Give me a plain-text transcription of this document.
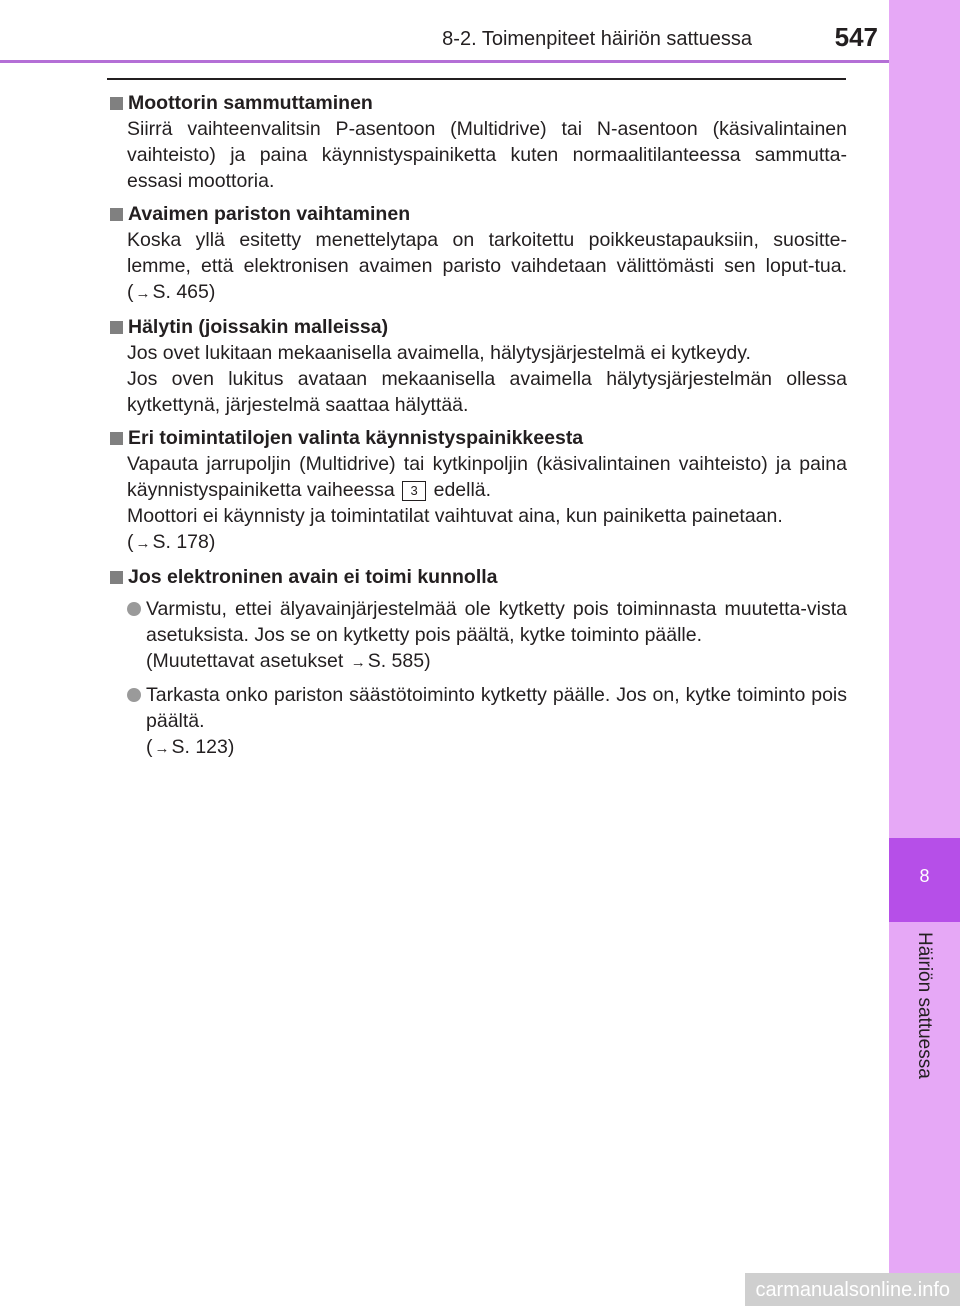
8-2. Toimenpiteet häiriön sattuessa	547
8
Häiriön sattuessa
Moottorin sammuttaminen
Siirrä vaihteenvalitsin P-asentoon (Multidrive) tai N-asentoon (käsivalintainen vaihteisto) ja paina käynnistyspainiketta kuten normaalitilanteessa sammutta-essasi moottoria.
Avaimen pariston vaihtaminen
Koska yllä esitetty menettelytapa on tarkoitettu poikkeustapauksiin, suositte-lemme, että elektronisen avaimen paristo vaihdetaan välittömästi sen loput-tua. ( → S. 465)
Hälytin (joissakin malleissa)
Jos ovet lukitaan mekaanisella avaimella, hälytysjärjestelmä ei kytkeydy.
Jos oven lukitus avataan mekaanisella avaimella hälytysjärjestelmän ollessa kytkettynä, järjestelmä saattaa hälyttää.
Eri toimintatilojen valinta käynnistyspainikkeesta
Vapauta jarrupoljin (Multidrive) tai kytkinpoljin (käsivalintainen vaihteisto) ja paina käynnistyspainiketta vaiheessa 3 edellä.
Moottori ei käynnisty ja toimintatilat vaihtuvat aina, kun painiketta painetaan.
( → S. 178)
Jos elektroninen avain ei toimi kunnolla
Varmistu, ettei älyavainjärjestelmää ole kytketty pois toiminnasta muutetta-vista asetuksista. Jos se on kytketty pois päältä, kytke toiminto päälle.
(Muutettavat asetukset → S. 585)
Tarkasta onko pariston säästötoiminto kytketty päälle. Jos on, kytke toiminto pois päältä.
( → S. 123)
carmanualsonline.info
